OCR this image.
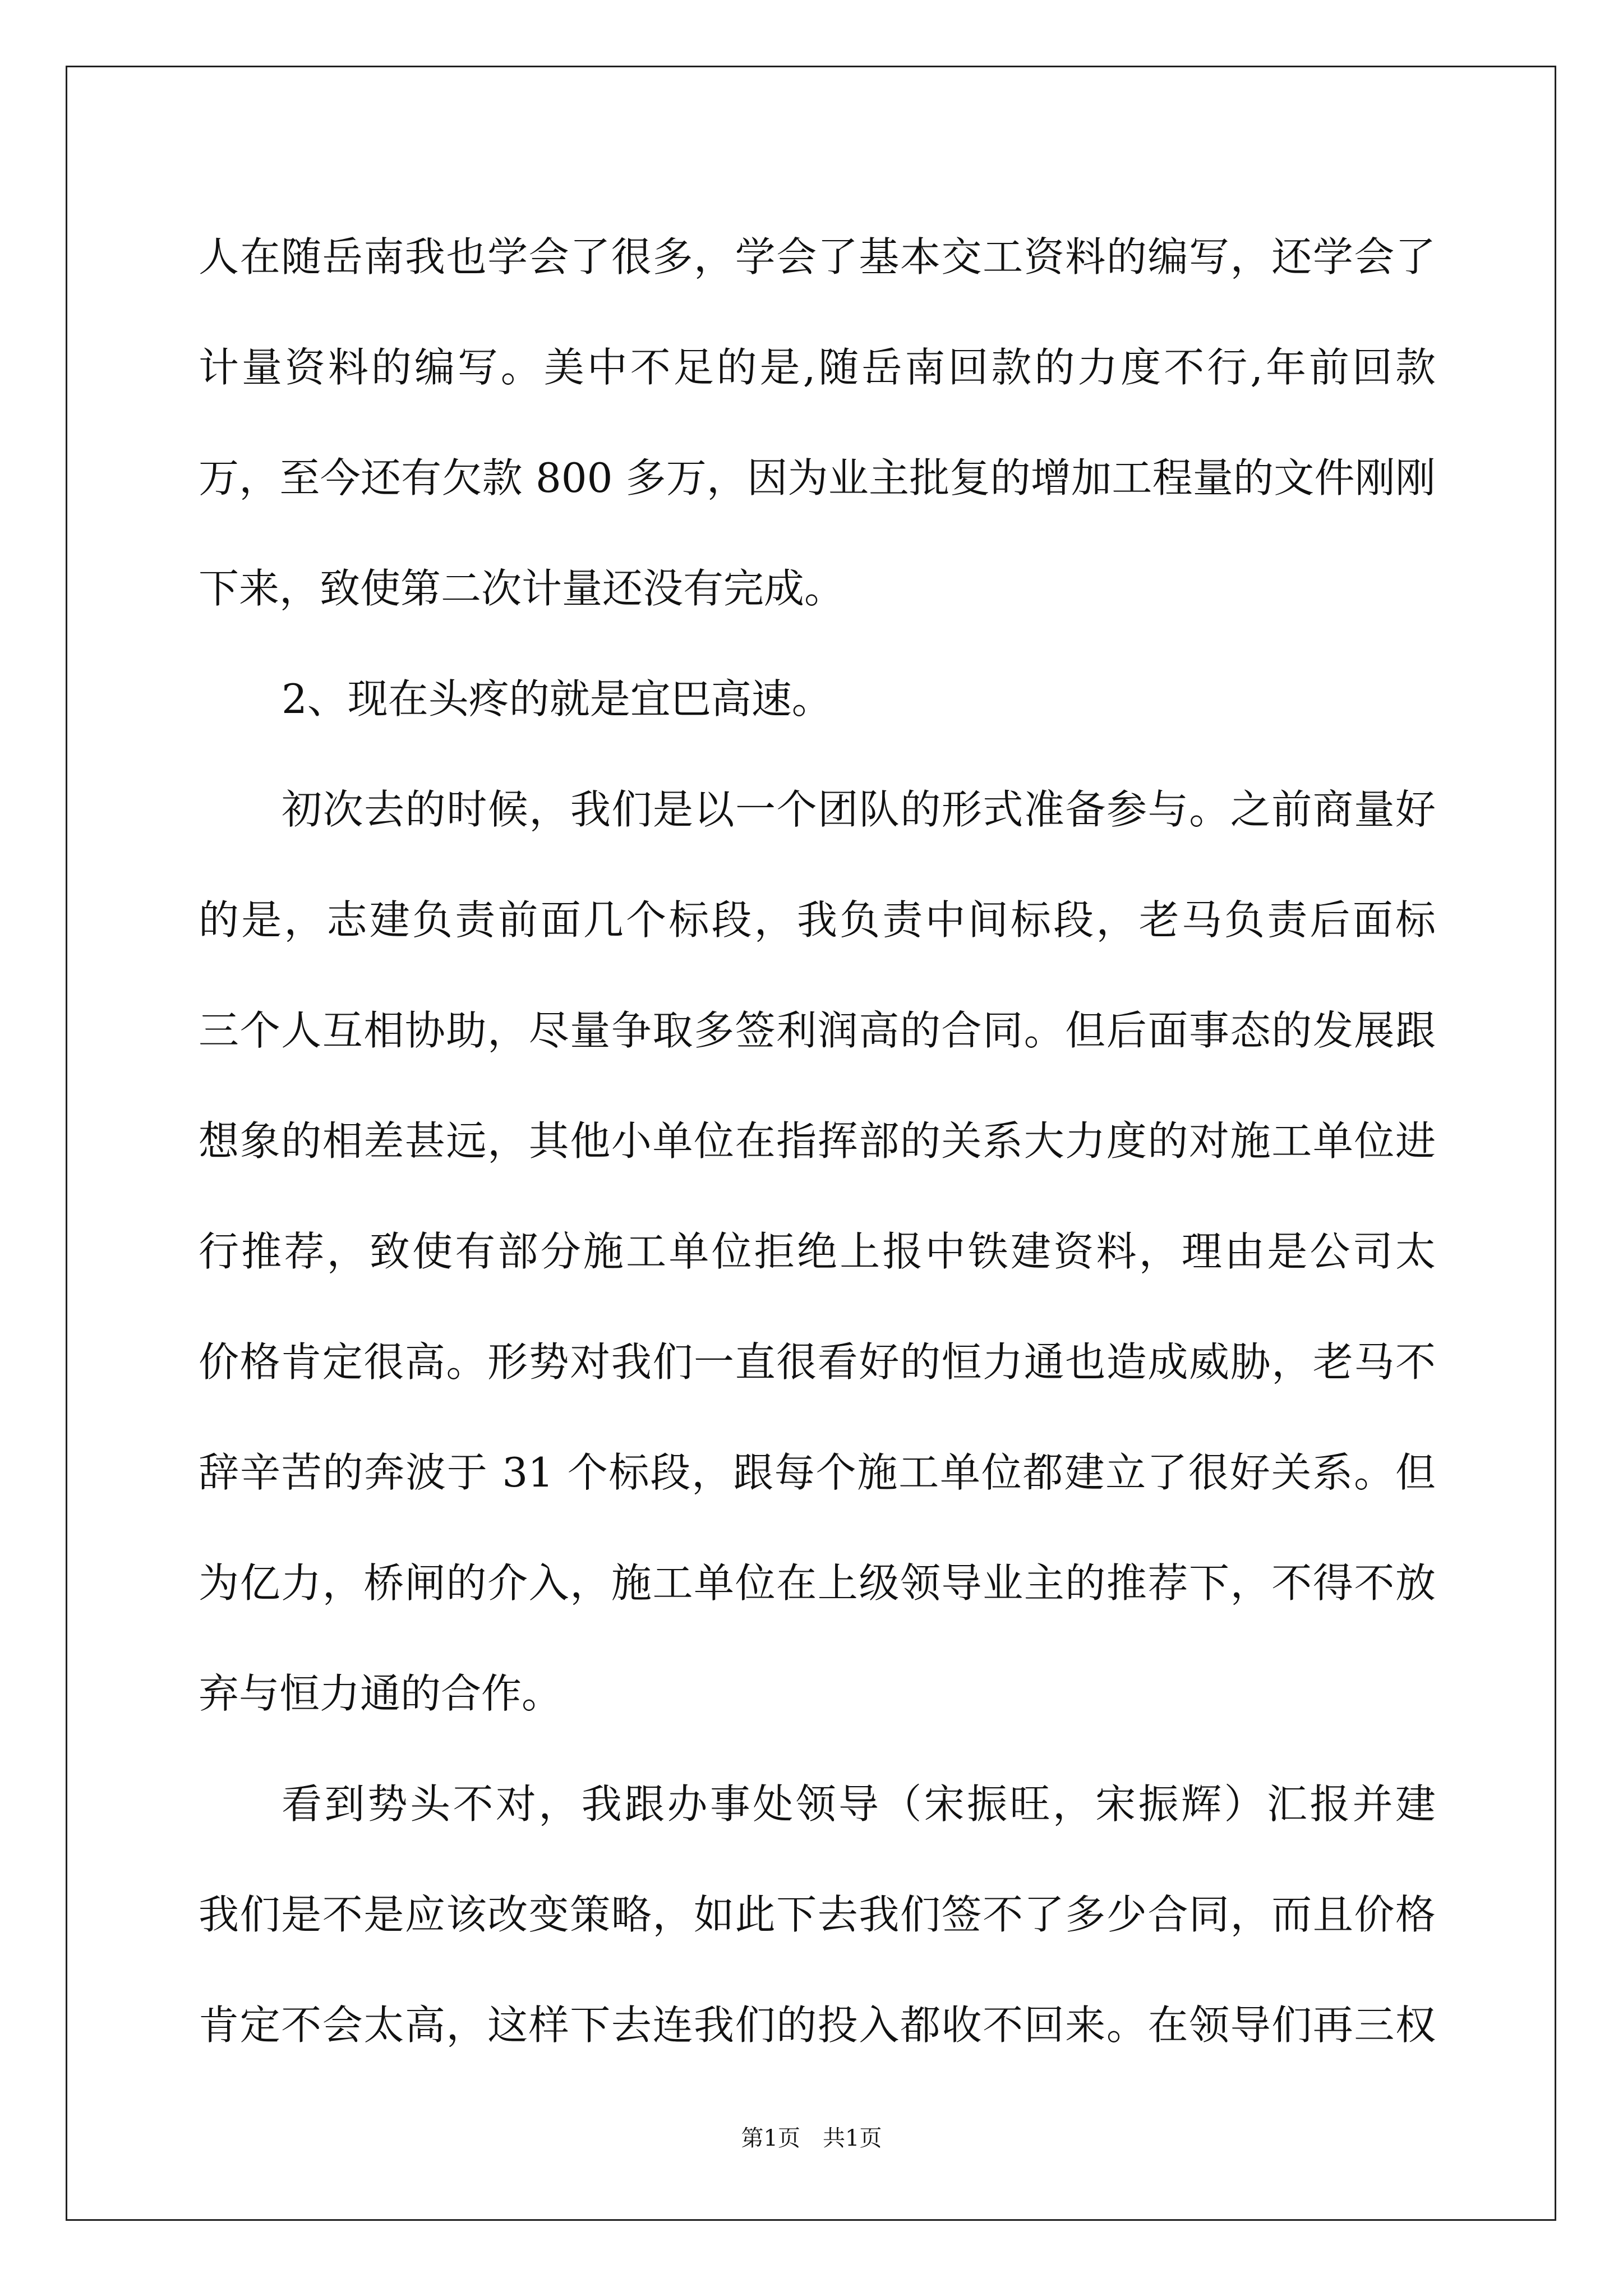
人在随岳南我也学会了很多，学会了基本交工资料的编写，还学会了
计量资料的编写。美中不足的是,随岳南回款的力度不行,年前回款
万，至今还有欠款 800 多万，因为业主批复的增加工程量的文件刚刚
下来，致使第二次计量还没有完成。
2、现在头疼的就是宜巴高速。
初次去的时候，我们是以一个团队的形式准备参与。之前商量好
的是，志建负责前面几个标段，我负责中间标段，老马负责后面标
三个人互相协助，尽量争取多签利润高的合同。但后面事态的发展跟
想象的相差甚远，其他小单位在指挥部的关系大力度的对施工单位进
行推荐，致使有部分施工单位拒绝上报中铁建资料，理由是公司太
价格肯定很高。形势对我们一直很看好的恒力通也造成威胁，老马不
辞辛苦的奔波于 31 个标段，跟每个施工单位都建立了很好关系。但
为亿力，桥闸的介入，施工单位在上级领导业主的推荐下，不得不放
弃与恒力通的合作。
看到势头不对，我跟办事处领导（宋振旺，宋振辉）汇报并建
我们是不是应该改变策略，如此下去我们签不了多少合同，而且价格
肯定不会太高，这样下去连我们的投入都收不回来。在领导们再三权
第1页 共1页
